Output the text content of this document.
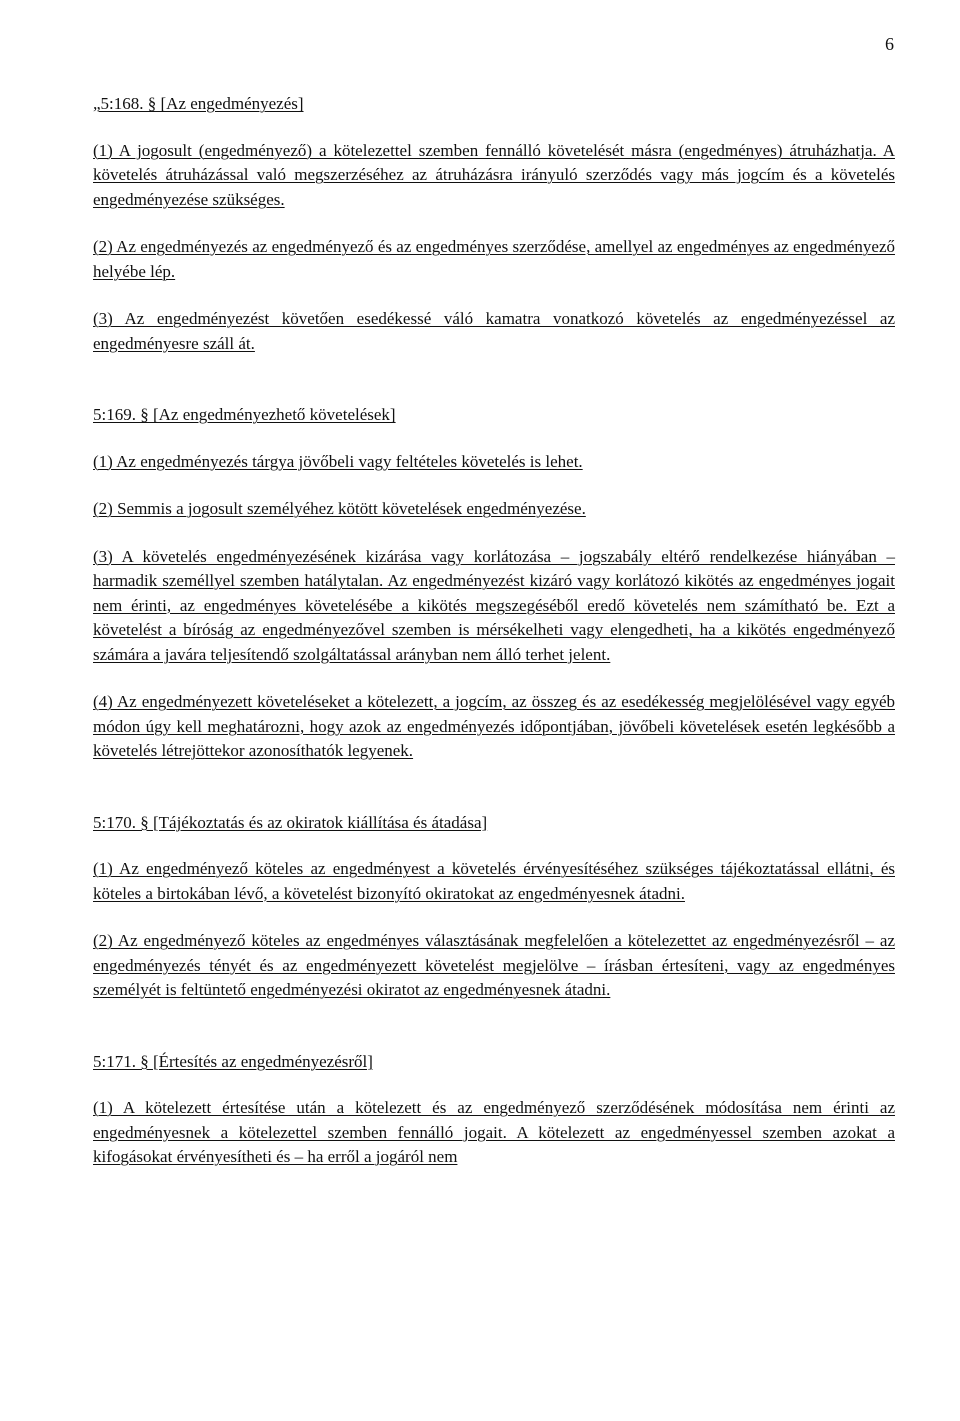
6
„5:168. § [Az engedményezés]

(1) A jogosult (engedményező) a kötelezettel szemben fennálló követelését másra (engedményes) átruházhatja. A követelés átruházással való megszerzéséhez az átruházásra irányuló szerződés vagy más jogcím és a követelés engedményezése szükséges.

(2) Az engedményezés az engedményező és az engedményes szerződése, amellyel az engedményes az engedményező helyébe lép.

(3) Az engedményezést követően esedékessé váló kamatra vonatkozó követelés az engedményezéssel az engedményesre száll át.

5:169. § [Az engedményezhető követelések]

(1) Az engedményezés tárgya jövőbeli vagy feltételes követelés is lehet.

(2) Semmis a jogosult személyéhez kötött követelések engedményezése.

(3) A követelés engedményezésének kizárása vagy korlátozása – jogszabály eltérő rendelkezése hiányában – harmadik személlyel szemben hatálytalan. Az engedményezést kizáró vagy korlátozó kikötés az engedményes jogait nem érinti, az engedményes követelésébe a kikötés megszegéséből eredő követelés nem számítható be. Ezt a követelést a bíróság az engedményezővel szemben is mérsékelheti vagy elengedheti, ha a kikötés engedményező számára a javára teljesítendő szolgáltatással arányban nem álló terhet jelent.

(4) Az engedményezett követeléseket a kötelezett, a jogcím, az összeg és az esedékesség megjelölésével vagy egyéb módon úgy kell meghatározni, hogy azok az engedményezés időpontjában, jövőbeli követelések esetén legkésőbb a követelés létrejöttekor azonosíthatók legyenek.

5:170. § [Tájékoztatás és az okiratok kiállítása és átadása]

(1) Az engedményező köteles az engedményest a követelés érvényesítéséhez szükséges tájékoztatással ellátni, és köteles a birtokában lévő, a követelést bizonyító okiratokat az engedményesnek átadni.

(2) Az engedményező köteles az engedményes választásának megfelelően a kötelezettet az engedményezésről – az engedményezés tényét és az engedményezett követelést megjelölve – írásban értesíteni, vagy az engedményes személyét is feltüntető engedményezési okiratot az engedményesnek átadni.

5:171. § [Értesítés az engedményezésről]

(1) A kötelezett értesítése után a kötelezett és az engedményező szerződésének módosítása nem érinti az engedményesnek a kötelezettel szemben fennálló jogait. A kötelezett az engedményessel szemben azokat a kifogásokat érvényesítheti és – ha erről a jogáról nem
